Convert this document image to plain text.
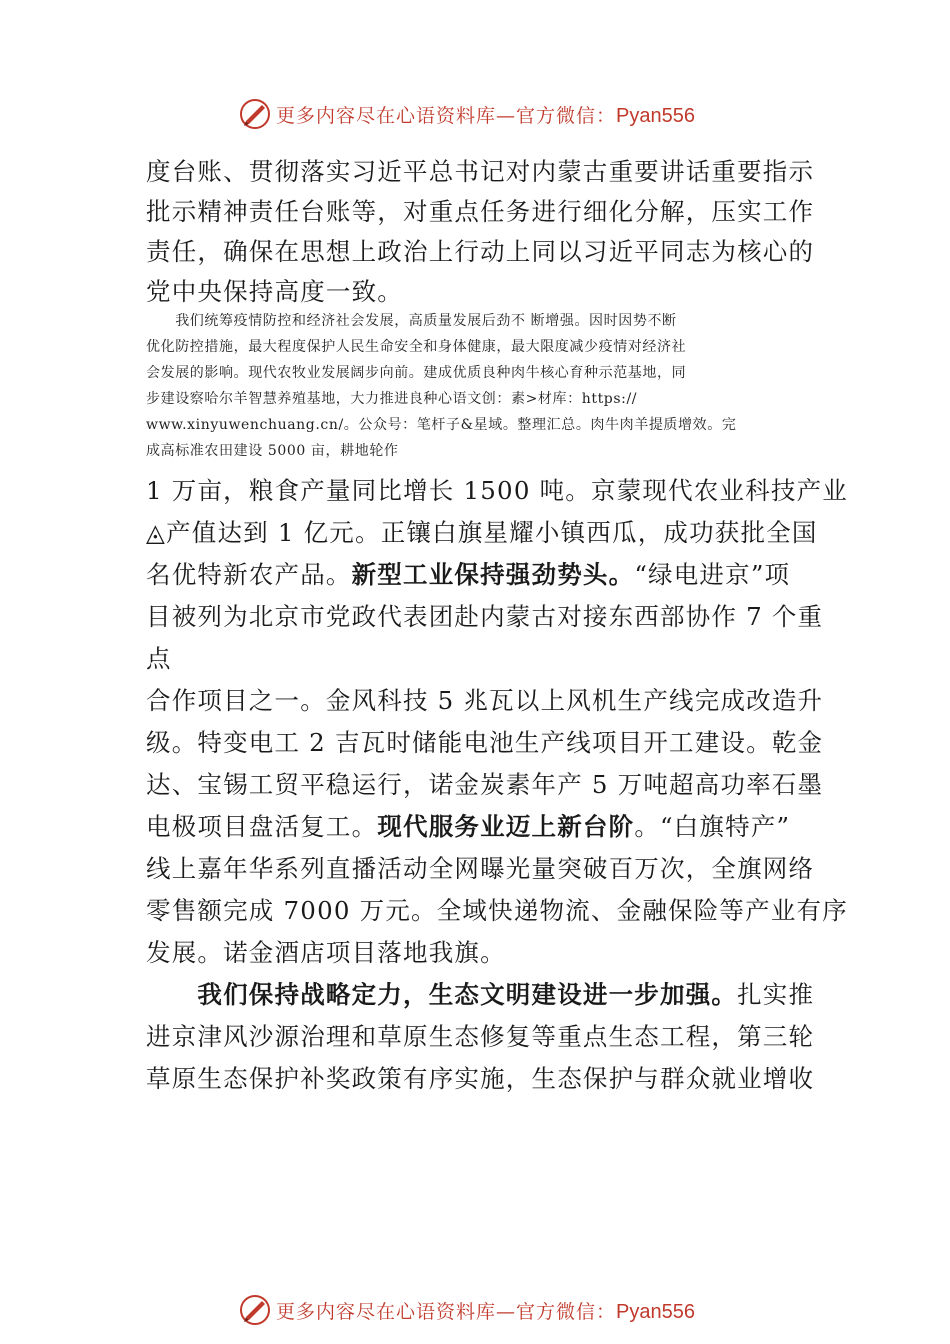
更多内容尽在心语资料库—官方微信：Pyan556
度台账、贯彻落实习近平总书记对内蒙古重要讲话重要指示
批示精神责任台账等，对重点任务进行细化分解，压实工作
责任，确保在思想上政治上行动上同以习近平同志为核心的
党中央保持高度一致。
　　我们统筹疫情防控和经济社会发展，高质量发展后劲不 断增强。因时因势不断
优化防控措施，最大程度保护人民生命安全和身体健康，最大限度减少疫情对经济社
会发展的影响。现代农牧业发展阔步向前。建成优质良种肉牛核心育种示范基地，同
步建设察哈尔羊智慧养殖基地，大力推进良种心语文创：素>材库：https://
www.xinyuwenchuang.cn/。公众号：笔杆子&星域。整理汇总。肉牛肉羊提质增效。完
成高标准农田建设 5000 亩，耕地轮作
1 万亩，粮食产量同比增长 1500 吨。京蒙现代农业科技产业
◬产值达到 1 亿元。正镶白旗星耀小镇西瓜，成功获批全国
名优特新农产品。新型工业保持强劲势头。“绿电进京”项
目被列为北京市党政代表团赴内蒙古对接东西部协作 7 个重
点
合作项目之一。金风科技 5 兆瓦以上风机生产线完成改造升
级。特变电工 2 吉瓦时储能电池生产线项目开工建设。乾金
达、宝锡工贸平稳运行，诺金炭素年产 5 万吨超高功率石墨
电极项目盘活复工。现代服务业迈上新台阶。“白旗特产”
线上嘉年华系列直播活动全网曝光量突破百万次，全旗网络
零售额完成 7000 万元。全域快递物流、金融保险等产业有序
发展。诺金酒店项目落地我旗。
　　我们保持战略定力，生态文明建设进一步加强。扎实推
进京津风沙源治理和草原生态修复等重点生态工程，第三轮
草原生态保护补奖政策有序实施，生态保护与群众就业增收
更多内容尽在心语资料库—官方微信：Pyan556
